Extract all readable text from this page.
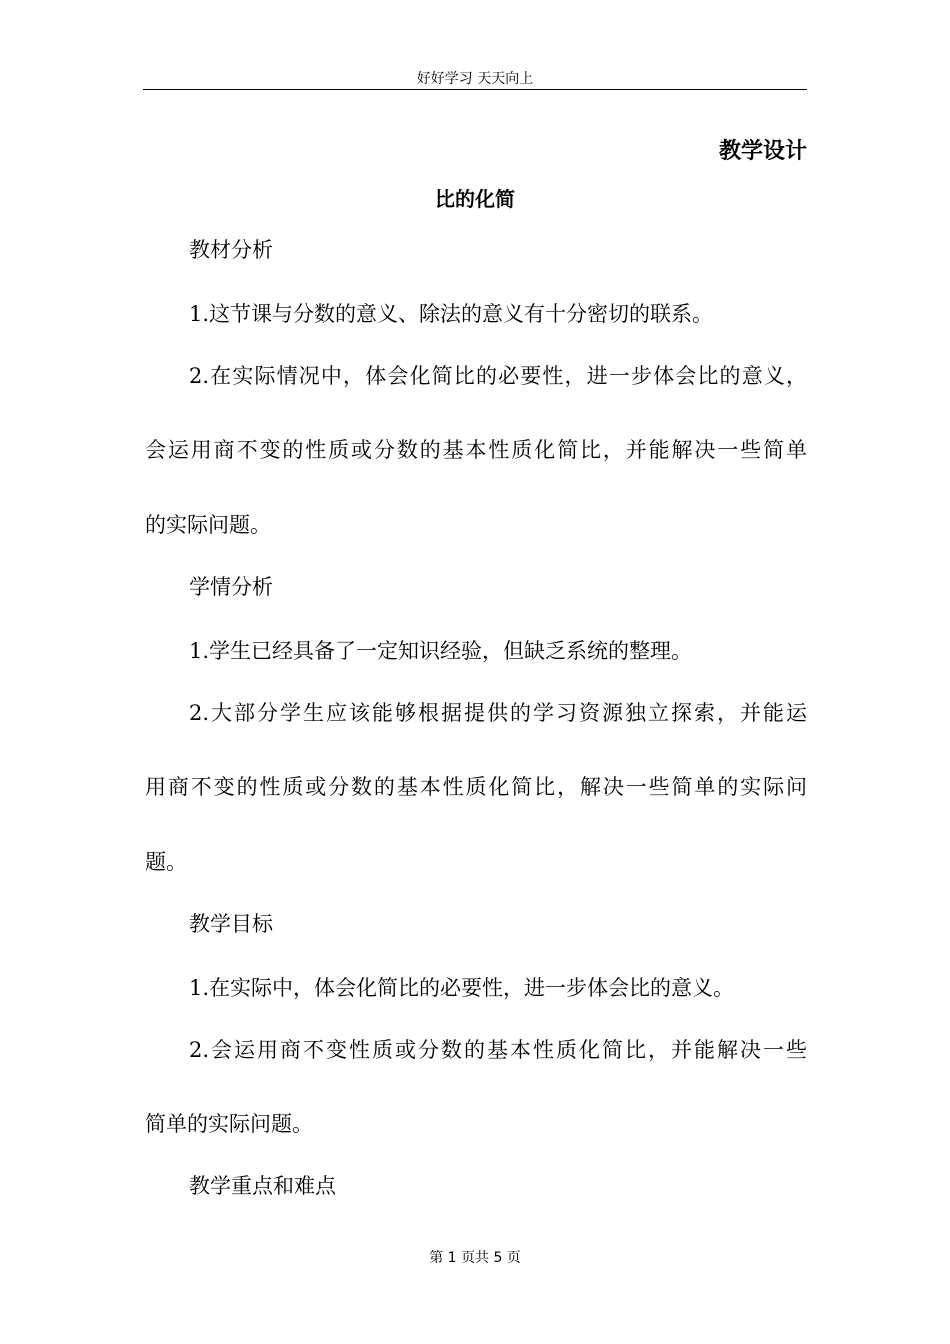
好好学习 天天向上
教学设计
比的化简
教材分析
1.这节课与分数的意义、除法的意义有十分密切的联系。
2.在实际情况中，体会化简比的必要性，进一步体会比的意义，
会运用商不变的性质或分数的基本性质化简比，并能解决一些简单
的实际问题。
学情分析
1.学生已经具备了一定知识经验，但缺乏系统的整理。
2.大部分学生应该能够根据提供的学习资源独立探索，并能运
用商不变的性质或分数的基本性质化简比，解决一些简单的实际问
题。
教学目标
1.在实际中，体会化简比的必要性，进一步体会比的意义。
2.会运用商不变性质或分数的基本性质化简比，并能解决一些
简单的实际问题。
教学重点和难点
第 1 页共 5 页
